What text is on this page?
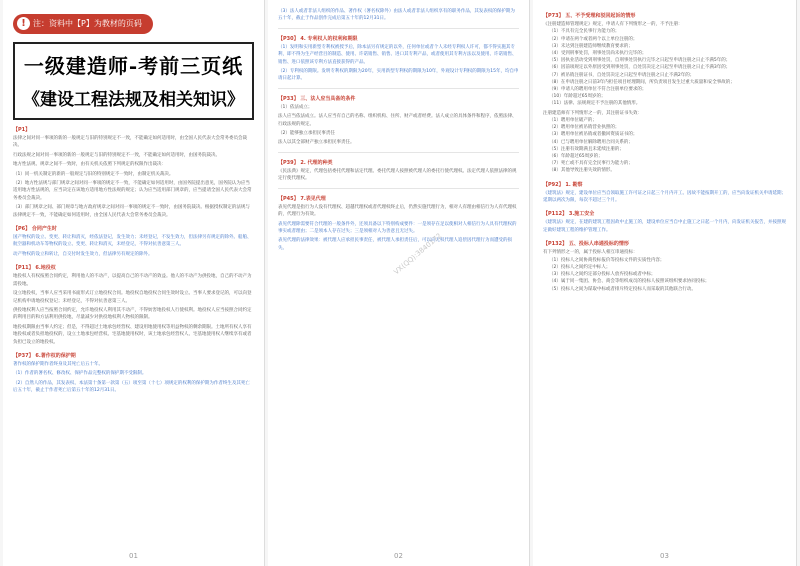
! 注：资料中【P】为教材的页码
一级建造师-考前三页纸
《建设工程法规及相关知识》
【P1】
法律之间对同一事项的新的一般规定与旧的特别规定不一致，不能确定如何适用时，由全国人民代表大会常务委员会裁决。
行政法规之间对同一事项的新的一般规定与旧的特别规定不一致，不能确定如何适用时，由国务院裁决。
地方性法规、规章之间不一致时，由有关机关依照下列规定的权限作出裁决：
（1）同一机关制定的新的一般规定与旧的特别规定不一致时，由制定机关裁决。
（2）地方性法规与部门规章之间对同一事项的规定不一致，不能确定如何适用时，由国务院提出意见，国务院认为应当适用地方性法规的，应当决定在该地方适用地方性法规的规定；认为应当适用部门规章的，应当提请全国人民代表大会常务委员会裁决。
（3）部门规章之间、部门规章与地方政府规章之间对同一事项的规定不一致时，由国务院裁决。根据授权制定的法规与法律规定不一致，不能确定如何适用时，由全国人民代表大会常务委员会裁决。
【P6】 合同产生时
国产物权的设立、变更、转让和消灭，经依法登记，发生效力；未经登记，不发生效力，但法律另有规定的除外。船舶、航空器和机动车等物权的设立、变更、转让和消灭，未经登记，不得对抗善意第三人。
动产物权的设立和转让，自交付时发生效力，但法律另有规定的除外。
【P11】 6.地役权
地役权人有权按照合同约定，利用他人的不动产，以提高自己的不动产的效益。他人的不动产为供役地，自己的不动产为需役地。
设立地役权，当事人应当采用书面形式订立地役权合同。地役权自地役权合同生效时设立。当事人要求登记的，可以向登记机构申请地役权登记；未经登记，不得对抗善意第三人。
供役地权利人应当按照合同约定，允许地役权人利用其不动产，不得妨害地役权人行使权利。地役权人应当按照合同约定的利用目的和方法利用供役地，尽量减少对供役地权利人物权的限制。
地役权期限由当事人约定；但是，不得超过土地承包经营权、建设用地使用权等用益物权的剩余期限。土地所有权人享有地役权或者负担地役权的，设立土地承包经营权、宅基地使用权时，该土地承包经营权人、宅基地使用权人继续享有或者负担已设立的地役权。
【P37】 6.著作权的保护期
著作权的保护期作者终身及其死亡后五十年。
（1）作者的署名权、修改权、保护作品完整权的保护期不受限制。
（2）自然人的作品，其发表权、本法第十条第一款第（五）项至第（十七）项规定的权利的保护期为作者终生及其死亡后五十年，截止于作者死亡后第五十年的12月31日。
01
（3）法人或者非法人组织的作品、著作权（署名权除外）由法人或者非法人组织享有的职务作品，其发表权的保护期为五十年，截止于作品创作完成后第五十年的12月31日。
【P30】 4. 专利权人的权利和期限
（1）发明和实用新型专利权被授予后，除本法另有规定的以外，任何单位或者个人未经专利权人许可，都不得实施其专利，即不得为生产经营目的制造、使用、许诺销售、销售、进口其专利产品，或者使用其专利方法以及使用、许诺销售、销售、进口依照该专利方法直接获得的产品。
（2）专利权的期限。发明专利权的期限为20年，实用新型专利权的期限为10年，外观设计专利权的期限为15年，均自申请日起计算。
【P33】 三、法人应当具备的条件
（1）依法成立；
法人应当依法成立。法人应当有自己的名称、组织机构、住所、财产或者经费。法人成立的具体条件和程序，依照法律、行政法规的规定。
（2）能够独立承担民事责任
法人以其全部财产独立承担民事责任。
【P39】 2. 代理的种类
《民法典》规定，代理包括委托代理和法定代理。委托代理人按照被代理人的委托行使代理权。法定代理人依照法律的规定行使代理权。
【P45】 7.表见代理
表见代理是指行为人没有代理权、超越代理权或者代理权终止后，仍然实施代理行为，相对人有理由相信行为人有代理权的，代理行为有效。
表见代理除需要符合代理的一般条件外，还须具备以下特别构成要件：一是须存在足以使相对人相信行为人具有代理权的事实或者理由；二是须本人存在过失；三是须相对人为善意且无过失。
表见代理的法律效果：被代理人应承担民事责任，被代理人承担责任后，可以向无权代理人追偿因代理行为而遭受的损失。	VX(QQ):3840172
02
【P73】 五、不予受理和驳回起诉的情形
《注册建造师管理规定》规定，申请人有下列情形之一的，不予注册：
（1）不具有完全民事行为能力的；
（2）申请在两个或者两个以上单位注册的；
（3）未达到注册建造师继续教育要求的；
（4）受到刑事处罚，刑事处罚尚未执行完毕的；
（5）因执业活动受到刑事处罚，自刑事处罚执行完毕之日起至申请注册之日止不满5年的；
（6）因前项规定以外原因受到刑事处罚，自处罚决定之日起至申请注册之日止不满3年的；
（7）被吊销注册证书，自处罚决定之日起至申请注册之日止不满2年的；
（8）在申请注册之日前3年内担任项目经理期间，所负责项目发生过重大质量和安全事故的；
（9）申请人的聘用单位不符合注册单位要求的；
（10）年龄超过65周岁的；
（11）法律、法规规定不予注册的其他情形。
注册建造师有下列情形之一的，其注册证书失效：
（1）聘用单位破产的；
（2）聘用单位被吊销营业执照的；
（3）聘用单位被吊销或者撤回资质证书的；
（4）已与聘用单位解除聘用合同关系的；
（5）注册有效期满且未延续注册的；
（6）年龄超过65周岁的；
（7）死亡或不具有完全民事行为能力的；
（8）其他导致注册失效的情形。
【P92】 1. 勘察
《建筑法》规定，建设单位应当自领取施工许可证之日起三个月内开工。因故不能按期开工的，应当向发证机关申请延期；延期以两次为限，每次不超过三个月。
【P112】 3.施工安全
《建筑法》规定，在建的建筑工程因故中止施工的，建设单位应当自中止施工之日起一个月内，向发证机关报告，并按照规定做好建筑工程的维护管理工作。
【P132】 五、投标人串通投标的情形
有下列情形之一的，属于投标人相互串通投标：
（1）投标人之间协商投标报价等投标文件的实质性内容；
（2）投标人之间约定中标人；
（3）投标人之间约定部分投标人放弃投标或者中标；
（4）属于同一集团、协会、商会等组织成员的投标人按照该组织要求协同投标；
（5）投标人之间为谋取中标或者排斥特定投标人而采取的其他联合行动。
03
